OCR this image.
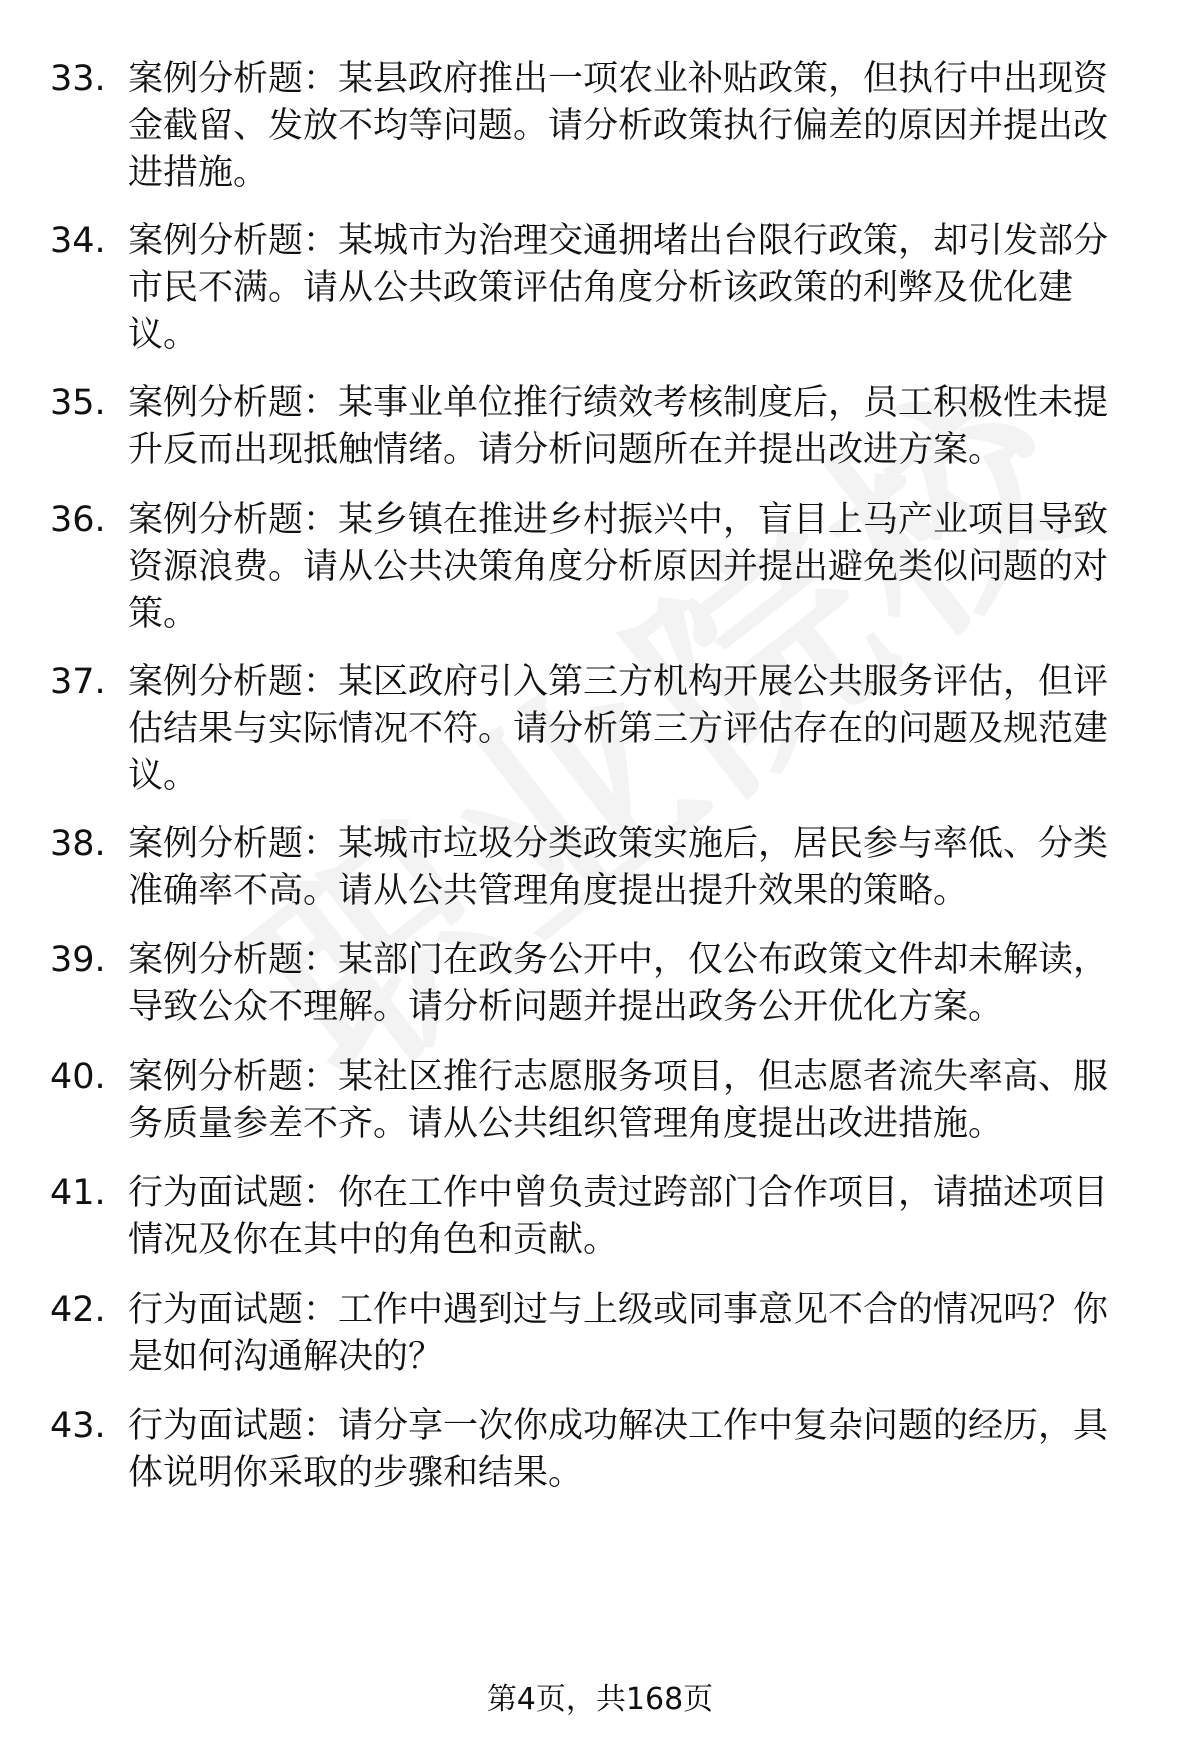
33. 案例分析题：某县政府推出一项农业补贴政策，但执行中出现资金截留、发放不均等问题。请分析政策执行偏差的原因并提出改进措施。
34. 案例分析题：某城市为治理交通拥堵出台限行政策，却引发部分市民不满。请从公共政策评估角度分析该政策的利弊及优化建议。
35. 案例分析题：某事业单位推行绩效考核制度后，员工积极性未提升反而出现抵触情绪。请分析问题所在并提出改进方案。
36. 案例分析题：某乡镇在推进乡村振兴中，盲目上马产业项目导致资源浪费。请从公共决策角度分析原因并提出避免类似问题的对策。
37. 案例分析题：某区政府引入第三方机构开展公共服务评估，但评估结果与实际情况不符。请分析第三方评估存在的问题及规范建议。
38. 案例分析题：某城市垃圾分类政策实施后，居民参与率低、分类准确率不高。请从公共管理角度提出提升效果的策略。
39. 案例分析题：某部门在政务公开中，仅公布政策文件却未解读，导致公众不理解。请分析问题并提出政务公开优化方案。
40. 案例分析题：某社区推行志愿服务项目，但志愿者流失率高、服务质量参差不齐。请从公共组织管理角度提出改进措施。
41. 行为面试题：你在工作中曾负责过跨部门合作项目，请描述项目情况及你在其中的角色和贡献。
42. 行为面试题：工作中遇到过与上级或同事意见不合的情况吗？你是如何沟通解决的？
43. 行为面试题：请分享一次你成功解决工作中复杂问题的经历，具体说明你采取的步骤和结果。
第4页，共168页
